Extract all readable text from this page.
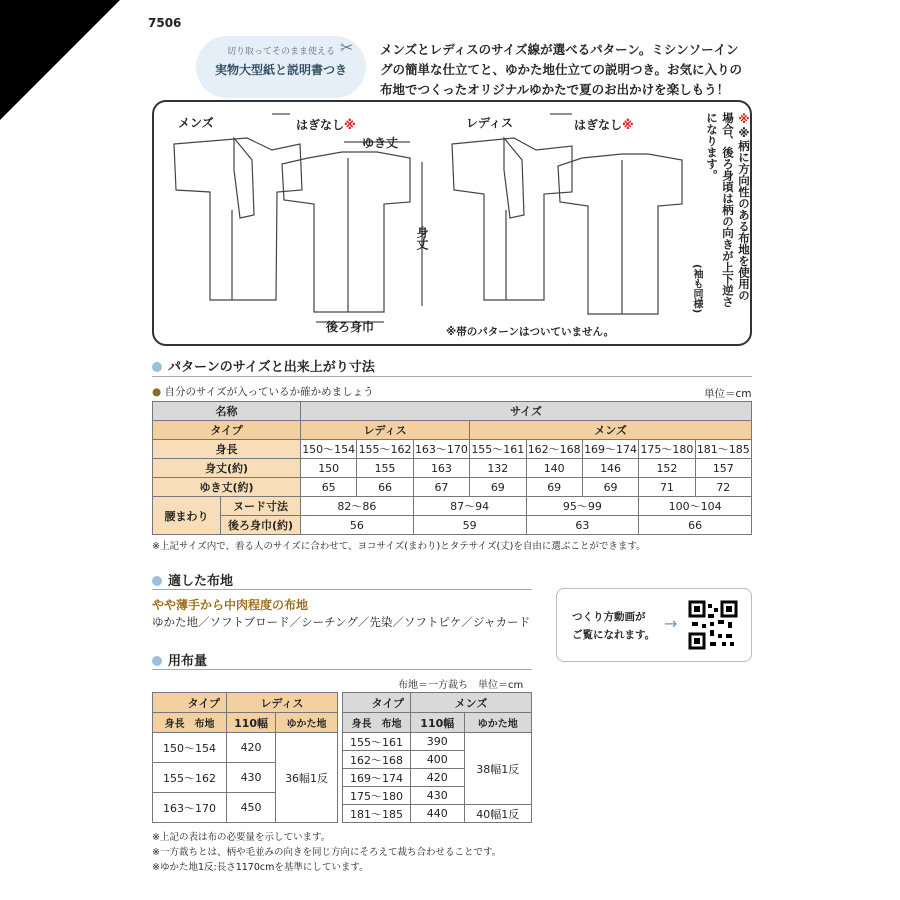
7506
切り取ってそのまま使える
実物大型紙と説明書つき
✂ メンズとレディスのサイズ線が選べるパターン。ミシンソーイングの簡単な仕立てと、ゆかた地仕立ての説明つき。お気に入りの布地でつくったオリジナルゆかたで夏のお出かけを楽しもう！
メンズ	レディス
はぎなし※	はぎなし※
ゆき丈
身丈
後ろ身巾	※帯のパターンはついていません。
※※柄に方向性のある布地を使用の場合、後ろ身頃は柄の向きが上下逆さになります。
(袖も同様)
パターンのサイズと出来上がり寸法
● 自分のサイズが入っているか確かめましょう	単位＝cm
名称		サイズ							
タイプ		レディス			メンズ				
身長		150〜154	155〜162	163〜170	155〜161	162〜168	169〜174	175〜180	181〜185
身丈(約)		150	155	163	132	140	146	152	157
ゆき丈(約)		65	66	67	69	69	69	71	72
腰まわり	ヌード寸法	82〜86		87〜94		95〜99		100〜104	
	後ろ身巾(約)	56		59		63		66	
※上記サイズ内で、着る人のサイズに合わせて、ヨコサイズ(まわり)とタテサイズ(丈)を自由に選ぶことができます。
適した布地
やや薄手から中肉程度の布地
ゆかた地／ソフトブロード／シーチング／先染／ソフトピケ／ジャカード	つくり方動画が
ご覧になれます。
→
用布量
布地＝一方裁ち　単位＝cm
タイプ	レディス	
身長　 布地	110幅	ゆかた地
150〜154	420	36幅1反
155〜162	430	
163〜170	450	
タイプ	メンズ	
身長　 布地	110幅	ゆかた地
155〜161	390	38幅1反
162〜168	400	
169〜174	420	
175〜180	430	
181〜185	440	40幅1反
※上記の表は布の必要量を示しています。
※一方裁ちとは、柄や毛並みの向きを同じ方向にそろえて裁ち合わせることです。
※ゆかた地1反:長さ1170cmを基準にしています。
